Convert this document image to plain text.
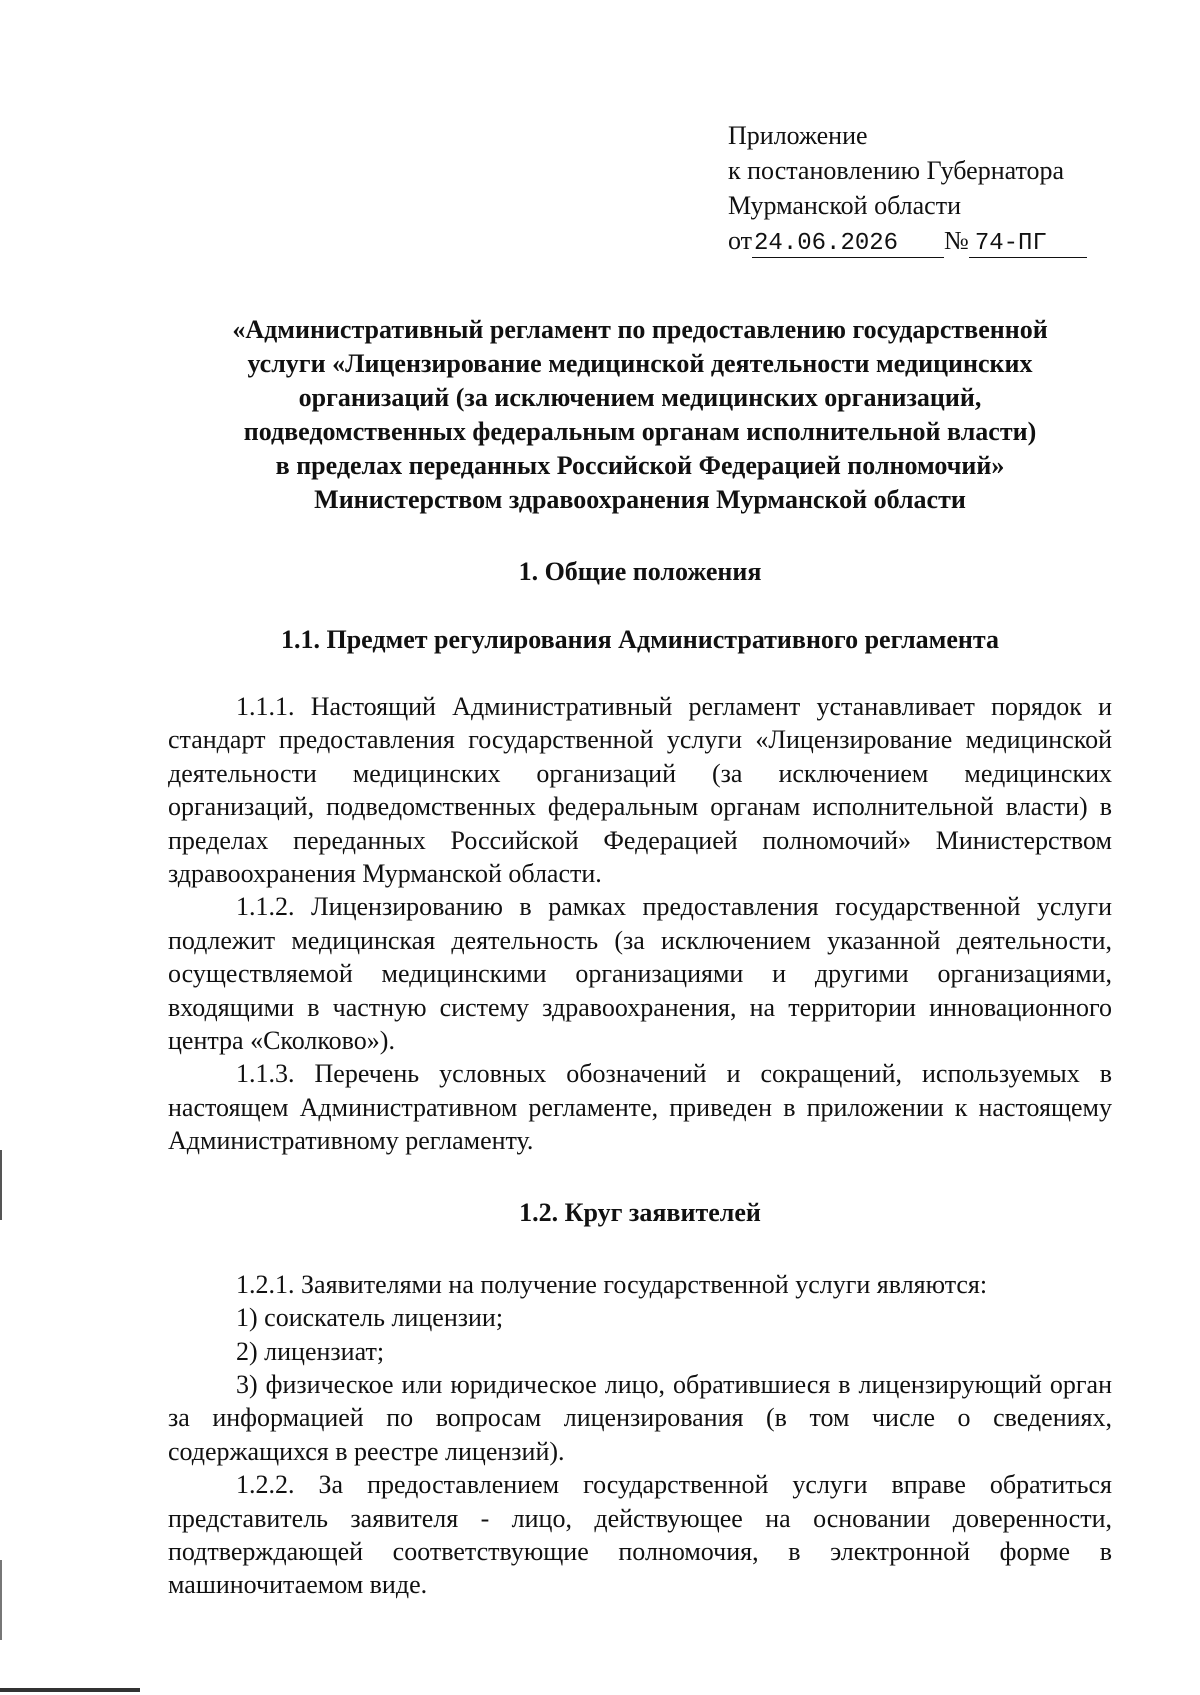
Приложение
к постановлению Губернатора
Мурманской области
от24.06.2026 № 74-ПГ
«Административный регламент по предоставлению государственной
услуги «Лицензирование медицинской деятельности медицинских
организаций (за исключением медицинских организаций,
подведомственных федеральным органам исполнительной власти)
в пределах переданных Российской Федерацией полномочий»
Министерством здравоохранения Мурманской области
1. Общие положения
1.1. Предмет регулирования Административного регламента

1.1.1. Настоящий Административный регламент устанавливает порядок и стандарт предоставления государственной услуги «Лицензирование медицинской деятельности медицинских организаций (за исключением медицинских организаций, подведомственных федеральным органам исполнительной власти) в пределах переданных Российской Федерацией полномочий» Министерством здравоохранения Мурманской области.

1.1.2. Лицензированию в рамках предоставления государственной услуги подлежит медицинская деятельность (за исключением указанной деятельности, осуществляемой медицинскими организациями и другими организациями, входящими в частную систему здравоохранения, на территории инновационного центра «Сколково»).

1.1.3. Перечень условных обозначений и сокращений, используемых в настоящем Административном регламенте, приведен в приложении к настоящему Административному регламенту.

1.2. Круг заявителей

1.2.1. Заявителями на получение государственной услуги являются:

1) соискатель лицензии;

2) лицензиат;

3) физическое или юридическое лицо, обратившиеся в лицензирующий орган за информацией по вопросам лицензирования (в том числе о сведениях, содержащихся в реестре лицензий).

1.2.2. За предоставлением государственной услуги вправе обратиться представитель заявителя - лицо, действующее на основании доверенности, подтверждающей соответствующие полномочия, в электронной форме в машиночитаемом виде.
